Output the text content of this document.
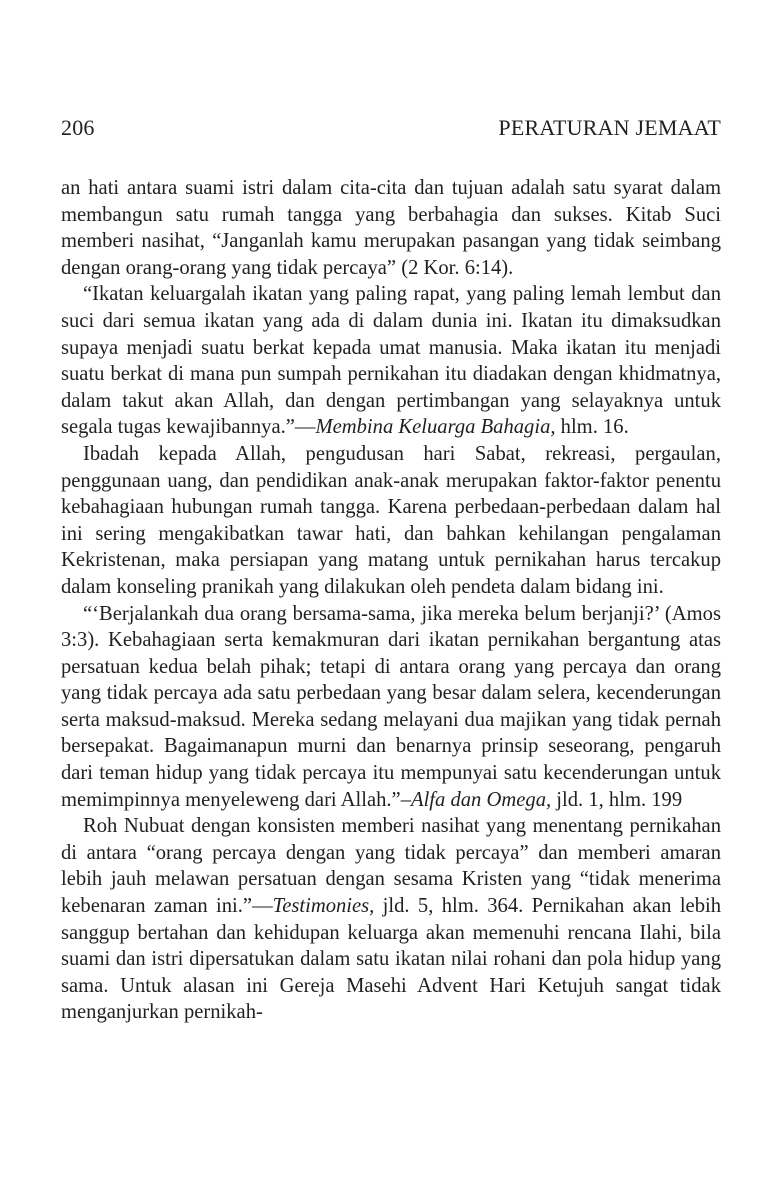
206	PERATURAN JEMAAT

an hati antara suami istri dalam cita-cita dan tujuan adalah satu syarat dalam membangun satu rumah tangga yang berbahagia dan sukses. Kitab Suci memberi nasihat, “Janganlah kamu merupakan pasangan yang tidak seimbang dengan orang-orang yang tidak percaya” (2 Kor. 6:14).

“Ikatan keluargalah ikatan yang paling rapat, yang paling lemah lembut dan suci dari semua ikatan yang ada di dalam dunia ini. Ikatan itu dimaksudkan supaya menjadi suatu berkat kepada umat manusia. Maka ikatan itu menjadi suatu berkat di mana pun sumpah pernikahan itu diadakan dengan khidmatnya, dalam takut akan Allah, dan dengan pertimbangan yang selayaknya untuk segala tugas kewajibannya.”—Membina Keluarga Bahagia, hlm. 16.

Ibadah kepada Allah, pengudusan hari Sabat, rekreasi, pergaulan, penggunaan uang, dan pendidikan anak-anak merupakan faktor-faktor penentu kebahagiaan hubungan rumah tangga. Karena perbedaan-perbedaan dalam hal ini sering mengakibatkan tawar hati, dan bahkan kehilangan pengalaman Kekristenan, maka persiapan yang matang untuk pernikahan harus tercakup dalam konseling pranikah yang dilakukan oleh pendeta dalam bidang ini.

“‘Berjalankah dua orang bersama-sama, jika mereka belum berjanji?’ (Amos 3:3). Kebahagiaan serta kemakmuran dari ikatan pernikahan bergantung atas persatuan kedua belah pihak; tetapi di antara orang yang percaya dan orang yang tidak percaya ada satu perbedaan yang besar dalam selera, kecenderungan serta maksud-maksud. Mereka sedang melayani dua majikan yang tidak pernah bersepakat. Bagaimanapun murni dan benarnya prinsip seseorang, pengaruh dari teman hidup yang tidak percaya itu mempunyai satu kecenderungan untuk memimpinnya menyeleweng dari Allah.”–Alfa dan Omega, jld. 1, hlm. 199

Roh Nubuat dengan konsisten memberi nasihat yang menentang pernikahan di antara “orang percaya dengan yang tidak percaya” dan memberi amaran lebih jauh melawan persatuan dengan sesama Kristen yang “tidak menerima kebenaran zaman ini.”—Testimonies, jld. 5, hlm. 364. Pernikahan akan lebih sanggup bertahan dan kehidupan keluarga akan memenuhi rencana Ilahi, bila suami dan istri dipersatukan dalam satu ikatan nilai rohani dan pola hidup yang sama. Untuk alasan ini Gereja Masehi Advent Hari Ketujuh sangat tidak menganjurkan pernikah-
